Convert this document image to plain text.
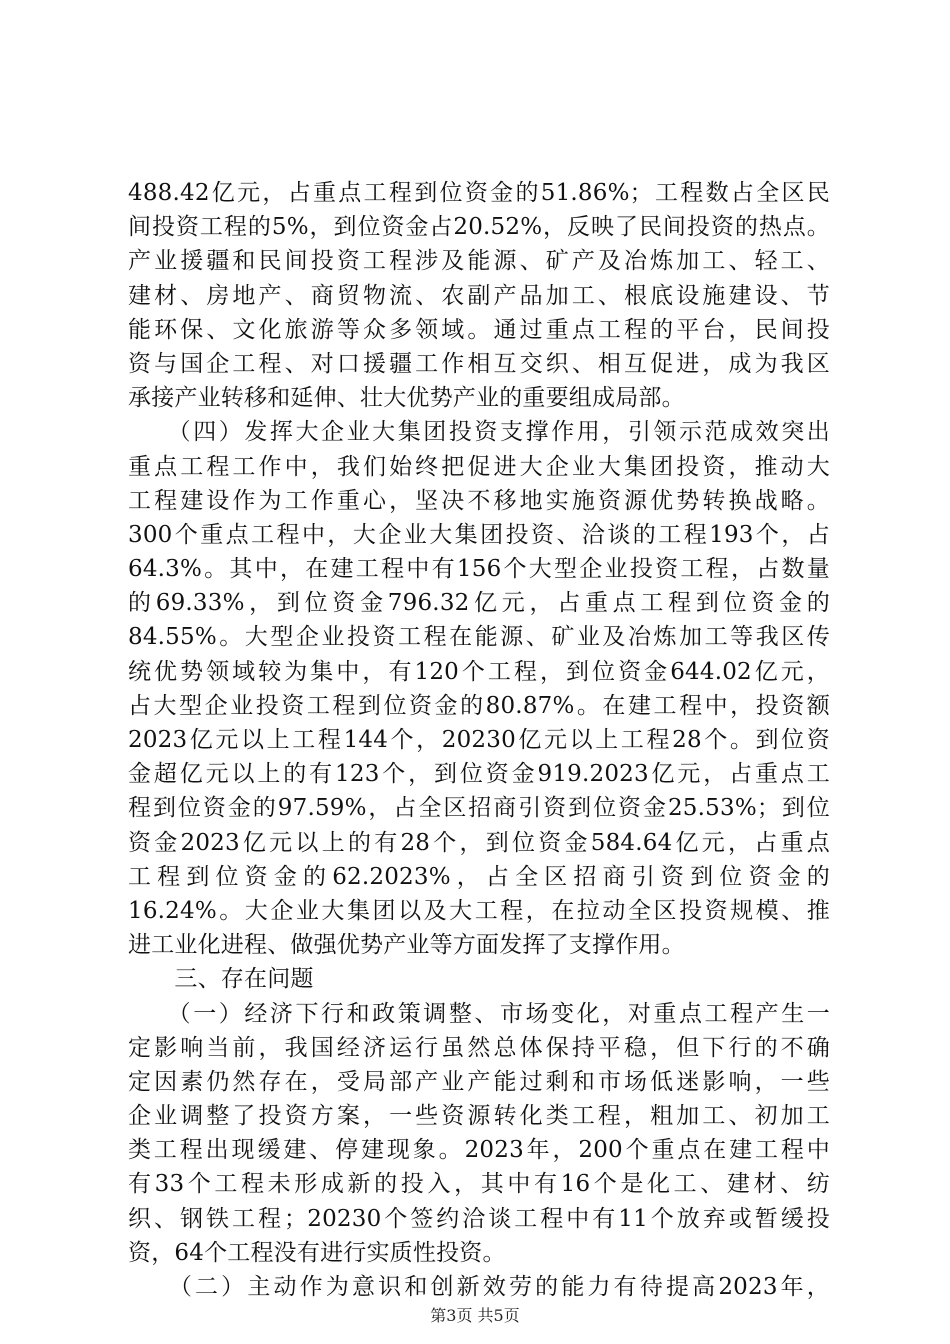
488.42亿元，占重点工程到位资金的51.86%；工程数占全区民
间投资工程的5%，到位资金占20.52%，反映了民间投资的热点。
产业援疆和民间投资工程涉及能源、矿产及冶炼加工、轻工、
建材、房地产、商贸物流、农副产品加工、根底设施建设、节
能环保、文化旅游等众多领域。通过重点工程的平台，民间投
资与国企工程、对口援疆工作相互交织、相互促进，成为我区
承接产业转移和延伸、壮大优势产业的重要组成局部。
　　（四）发挥大企业大集团投资支撑作用，引领示范成效突出
重点工程工作中，我们始终把促进大企业大集团投资，推动大
工程建设作为工作重心，坚决不移地实施资源优势转换战略。
300个重点工程中，大企业大集团投资、洽谈的工程193个，占
64.3%。其中，在建工程中有156个大型企业投资工程，占数量
的69.33%，到位资金796.32亿元，占重点工程到位资金的
84.55%。大型企业投资工程在能源、矿业及冶炼加工等我区传
统优势领域较为集中，有120个工程，到位资金644.02亿元，
占大型企业投资工程到位资金的80.87%。在建工程中，投资额
2023亿元以上工程144个，20230亿元以上工程28个。到位资
金超亿元以上的有123个，到位资金919.2023亿元，占重点工
程到位资金的97.59%，占全区招商引资到位资金25.53%；到位
资金2023亿元以上的有28个，到位资金584.64亿元，占重点
工程到位资金的62.2023%，占全区招商引资到位资金的
16.24%。大企业大集团以及大工程，在拉动全区投资规模、推
进工业化进程、做强优势产业等方面发挥了支撑作用。
　　三、存在问题
　　（一）经济下行和政策调整、市场变化，对重点工程产生一
定影响当前，我国经济运行虽然总体保持平稳，但下行的不确
定因素仍然存在，受局部产业产能过剩和市场低迷影响，一些
企业调整了投资方案，一些资源转化类工程，粗加工、初加工
类工程出现缓建、停建现象。2023年，200个重点在建工程中
有33个工程未形成新的投入，其中有16个是化工、建材、纺
织、钢铁工程；20230个签约洽谈工程中有11个放弃或暂缓投
资，64个工程没有进行实质性投资。
　　（二）主动作为意识和创新效劳的能力有待提高2023年，
第3页 共5页
